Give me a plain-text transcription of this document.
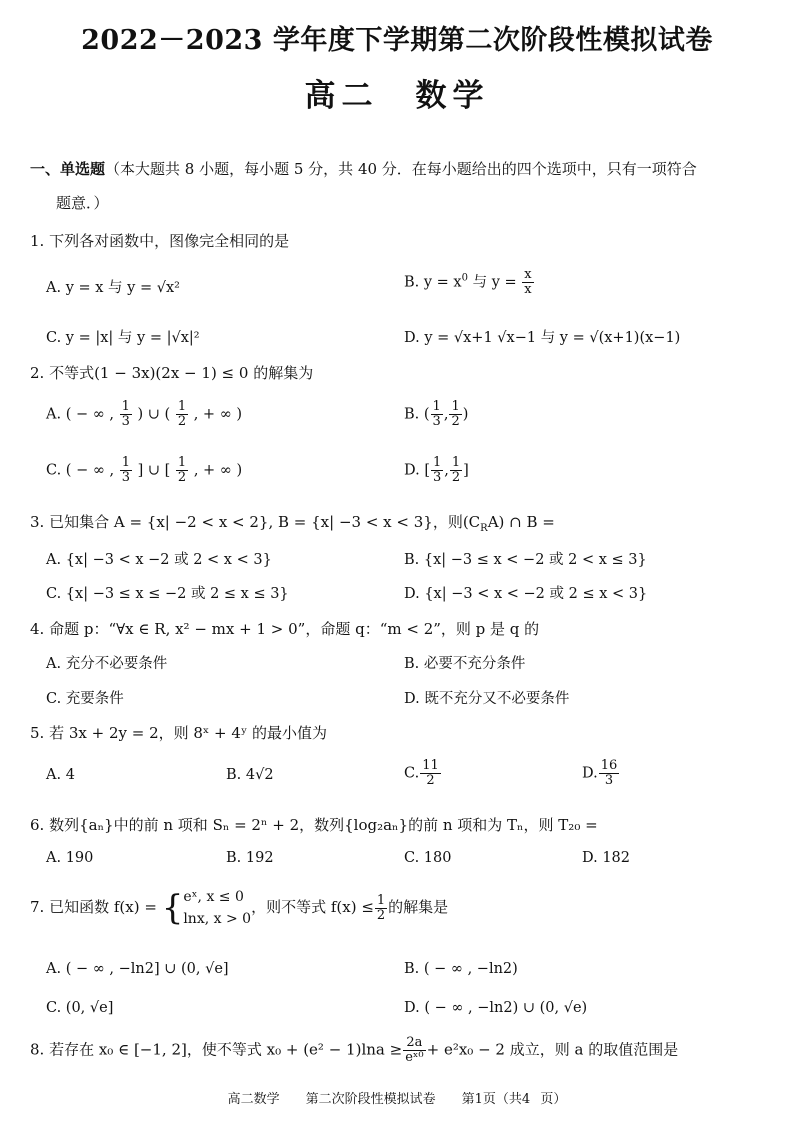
2022－2023 学年度下学期第二次阶段性模拟试卷
高二　数学
一、单选题（本大题共 8 小题，每小题 5 分，共 40 分．在每小题给出的四个选项中，只有一项符合
题意．）
1. 下列各对函数中，图像完全相同的是
A. y = x 与 y = √x²	B. $y = x^0$ 与 $y = \frac{x}{x}$
C. y = |x| 与 y = |√x|²	D. y = √x+1 √x−1 与 y = √(x+1)(x−1)
2. 不等式(1 − 3x)(2x − 1) ≤ 0 的解集为
A. ( − ∞ , $\frac{1}{3}$ ) ∪ ( $\frac{1}{2}$ , + ∞ )	B. ( $\frac{1}{3}$ , $\frac{1}{2}$ )
C. ( − ∞ , $\frac{1}{3}$ ] ∪ [ $\frac{1}{2}$ , + ∞ )	D. [ $\frac{1}{3}$ , $\frac{1}{2}$ ]
3. 已知集合 A = {x| −2 < x < 2}, B = {x| −3 < x < 3}，则$(C_RA)$ ∩ B =
A. {x| −3 < x −2 或 2 < x < 3}	B. {x| −3 ≤ x < −2 或 2 < x ≤ 3}
C. {x| −3 ≤ x ≤ −2 或 2 ≤ x ≤ 3}	D. {x| −3 < x < −2 或 2 ≤ x < 3}
4. 命题 p：“∀x ∈ R, x² − mx + 1 > 0”，命题 q：“m < 2”，则 p 是 q 的
A. 充分不必要条件	B. 必要不充分条件
C. 充要条件	D. 既不充分又不必要条件
5. 若 3x + 2y = 2，则 8ˣ + 4ʸ 的最小值为
A. 4	B. 4√2	C. $\frac{11}{2}$	D. $\frac{16}{3}$
6. 数列{aₙ}中的前 n 项和 Sₙ = 2ⁿ + 2，数列{log₂aₙ}的前 n 项和为 Tₙ，则 T₂₀ =
A. 190	B. 192	C. 180	D. 182
7. 已知函数 f(x) = {eˣ, x ≤ 0
lnx, x > 0，则不等式 $f(x) \le \frac{1}{2}$ 的解集是
A. ( − ∞ , −ln2] ∪ (0, √e]	B. ( − ∞ , −ln2)
C. (0, √e]	D. ( − ∞ , −ln2) ∪ (0, √e)
8. 若存在 x₀ ∈ [−1, 2]，使不等式 $x_0 + (e^2 - 1)\ln a \ge \frac{2a}{\text{eˣ⁰}} + e^2x_0 - 2$ 成立，则 a 的取值范围是
高二数学　　第二次阶段性模拟试卷　　第1页（共4 页）
